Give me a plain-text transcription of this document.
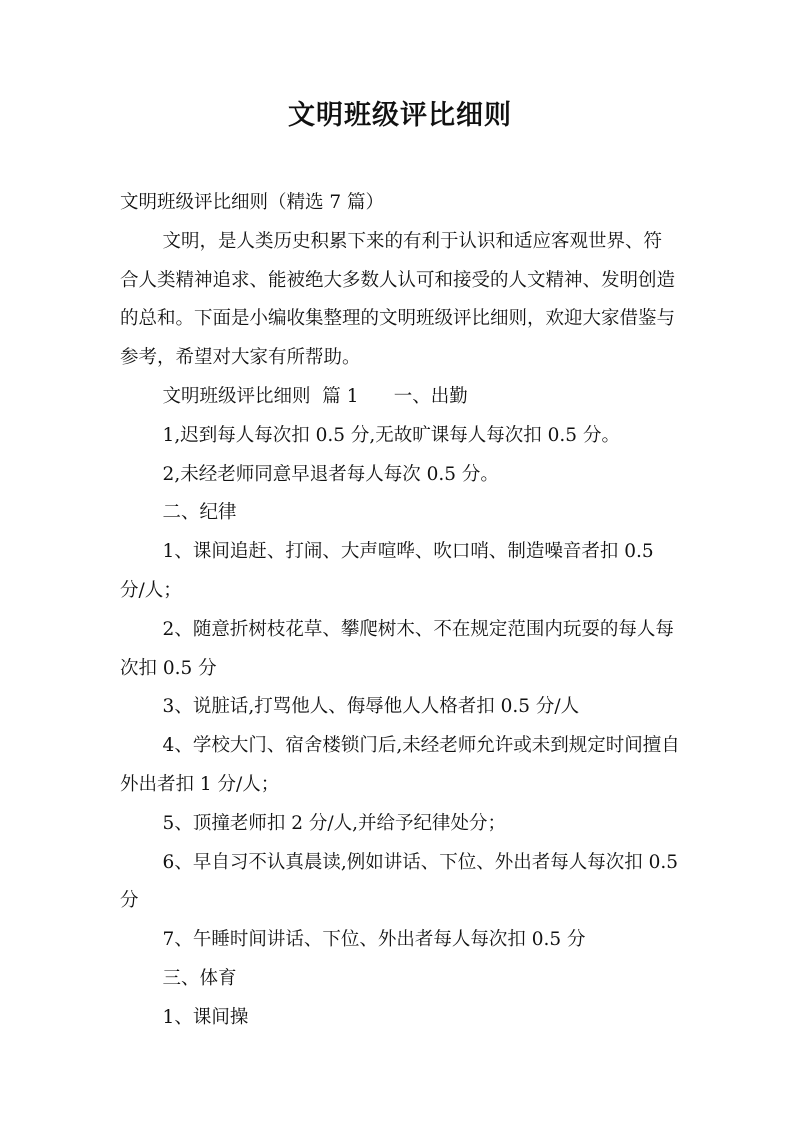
文明班级评比细则

文明班级评比细则（精选 7 篇）

文明，是人类历史积累下来的有利于认识和适应客观世界、符合人类精神追求、能被绝大多数人认可和接受的人文精神、发明创造的总和。下面是小编收集整理的文明班级评比细则，欢迎大家借鉴与参考，希望对大家有所帮助。

文明班级评比细则  篇 1      一、出勤

1,迟到每人每次扣 0.5 分,无故旷课每人每次扣 0.5 分。

2,未经老师同意早退者每人每次 0.5 分。

二、纪律

1、课间追赶、打闹、大声喧哗、吹口哨、制造噪音者扣 0.5 分/人；

2、随意折树枝花草、攀爬树木、不在规定范围内玩耍的每人每次扣 0.5 分

3、说脏话,打骂他人、侮辱他人人格者扣 0.5 分/人

4、学校大门、宿舍楼锁门后,未经老师允许或未到规定时间擅自外出者扣 1 分/人；

5、顶撞老师扣 2 分/人,并给予纪律处分；

6、早自习不认真晨读,例如讲话、下位、外出者每人每次扣 0.5 分

7、午睡时间讲话、下位、外出者每人每次扣 0.5 分

三、体育

1、课间操
